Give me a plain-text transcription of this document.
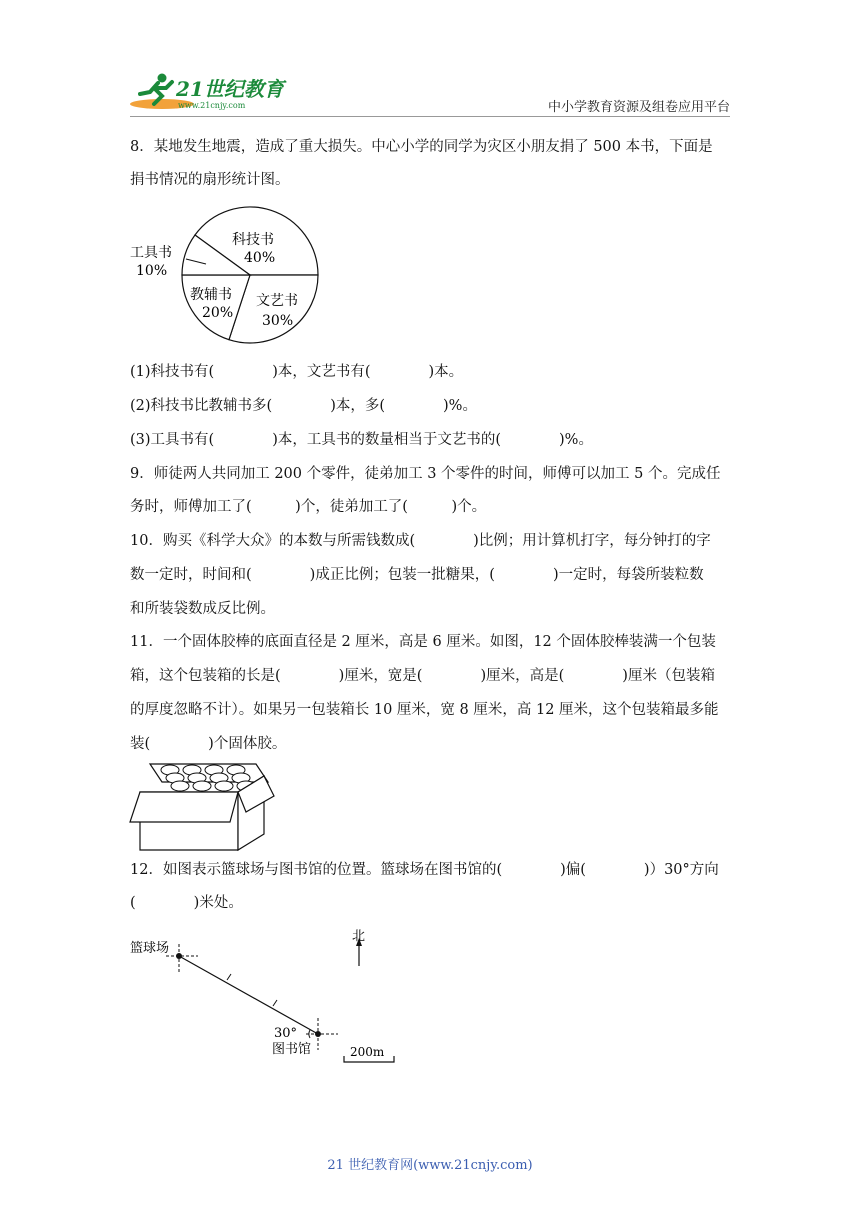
21世纪教育
www.21cnjy.com	中小学教育资源及组卷应用平台
8．某地发生地震，造成了重大损失。中心小学的同学为灾区小朋友捐了 500 本书，下面是
捐书情况的扇形统计图。
工具书
10%
科技书
40%
文艺书
30%
教辅书
20%
(1)科技书有(　　　　)本，文艺书有(　　　　)本。
(2)科技书比教辅书多(　　　　)本，多(　　　　)%。
(3)工具书有(　　　　)本，工具书的数量相当于文艺书的(　　　　)%。
9．师徒两人共同加工 200 个零件，徒弟加工 3 个零件的时间，师傅可以加工 5 个。完成任
务时，师傅加工了(　　　)个，徒弟加工了(　　　)个。
10．购买《科学大众》的本数与所需钱数成(　　　　)比例；用计算机打字，每分钟打的字
数一定时，时间和(　　　　)成正比例；包装一批糖果，(　　　　)一定时，每袋所装粒数
和所装袋数成反比例。
11．一个固体胶棒的底面直径是 2 厘米，高是 6 厘米。如图，12 个固体胶棒装满一个包装
箱，这个包装箱的长是(　　　　)厘米，宽是(　　　　)厘米，高是(　　　　)厘米（包装箱
的厚度忽略不计）。如果另一包装箱长 10 厘米，宽 8 厘米，高 12 厘米，这个包装箱最多能
装(　　　　)个固体胶。
12．如图表示篮球场与图书馆的位置。篮球场在图书馆的(　　　　)偏(　　　　)）30°方向
(　　　　)米处。
北
篮球场
30°
图书馆	200m
21 世纪教育网(www.21cnjy.com)
